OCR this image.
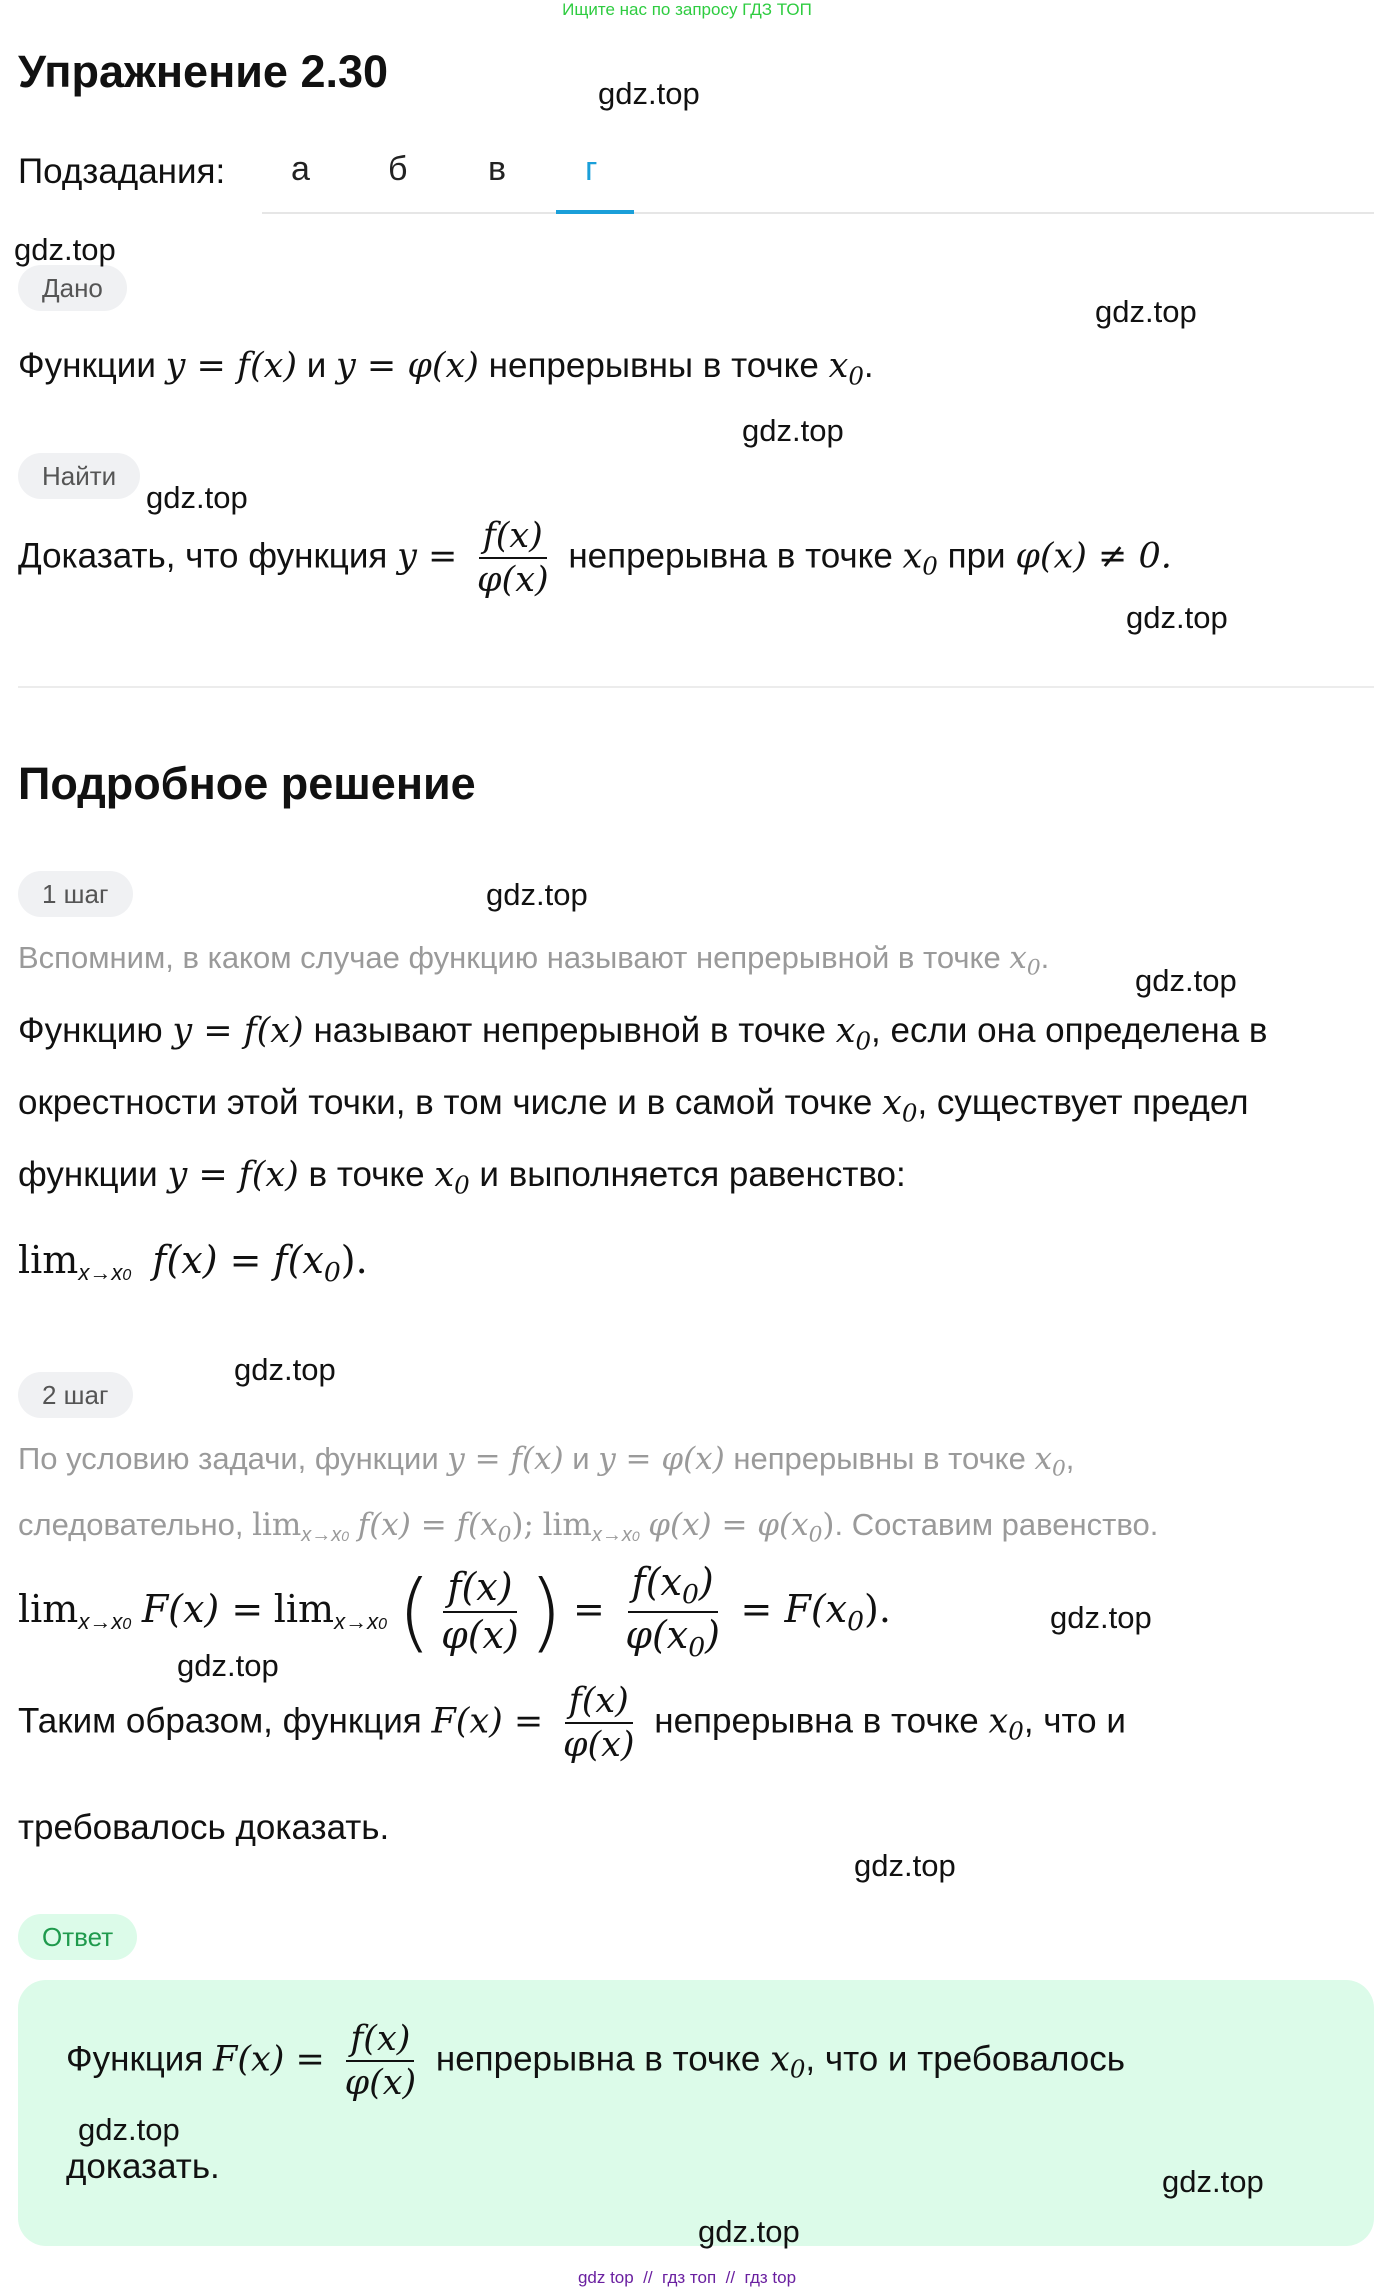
Ищите нас по запросу ГДЗ ТОП
Упражнение 2.30
Подзадания: а б в г
Дано
Функции y = f(x) и y = φ(x) непрерывны в точке $x_0$.
Найти
Доказать, что функция $y = \frac{f(x)}{\varphi(x)}$ непрерывна в точке $x_0$ при φ(x) ≠ 0.
Подробное решение
1 шаг
Вспомним, в каком случае функцию называют непрерывной в точке $x_0$.
Функцию y = f(x) называют непрерывной в точке $x_0$, если она определена в
окрестности этой точки, в том числе и в самой точке $x_0$, существует предел
функции y = f(x) в точке $x_0$ и выполняется равенство:
$\lim_{x\to x0} f(x) = f(x_0)$.
2 шаг
По условию задачи, функции y = f(x) и y = φ(x) непрерывны в точке $x_0$,
следовательно, $\lim_{x\to x0} f(x) = f(x_0)$; $\lim_{x\to x0} \varphi(x) = \varphi(x_0)$. Составим равенство.
$\lim_{x\to x0} F(x) = \lim_{x\to x0}$ ( $\frac{f(x)}{\varphi(x)}$ ) = $\frac{f(x_0)}{\varphi(x_0)} = F(x_0)$.
Таким образом, функция $F(x) = \frac{f(x)}{\varphi(x)}$ непрерывна в точке $x_0$, что и
требовалось доказать.
Ответ
Функция $F(x) = \frac{f(x)}{\varphi(x)}$ непрерывна в точке $x_0$, что и требовалось
доказать.
gdz.top
gdz.top
gdz.top
gdz.top
gdz.top
gdz.top
gdz.top
gdz.top
gdz.top
gdz.top
gdz.top
gdz.top
gdz.top
gdz.top
gdz.top
gdz top  //  гдз топ  //  гдз top
